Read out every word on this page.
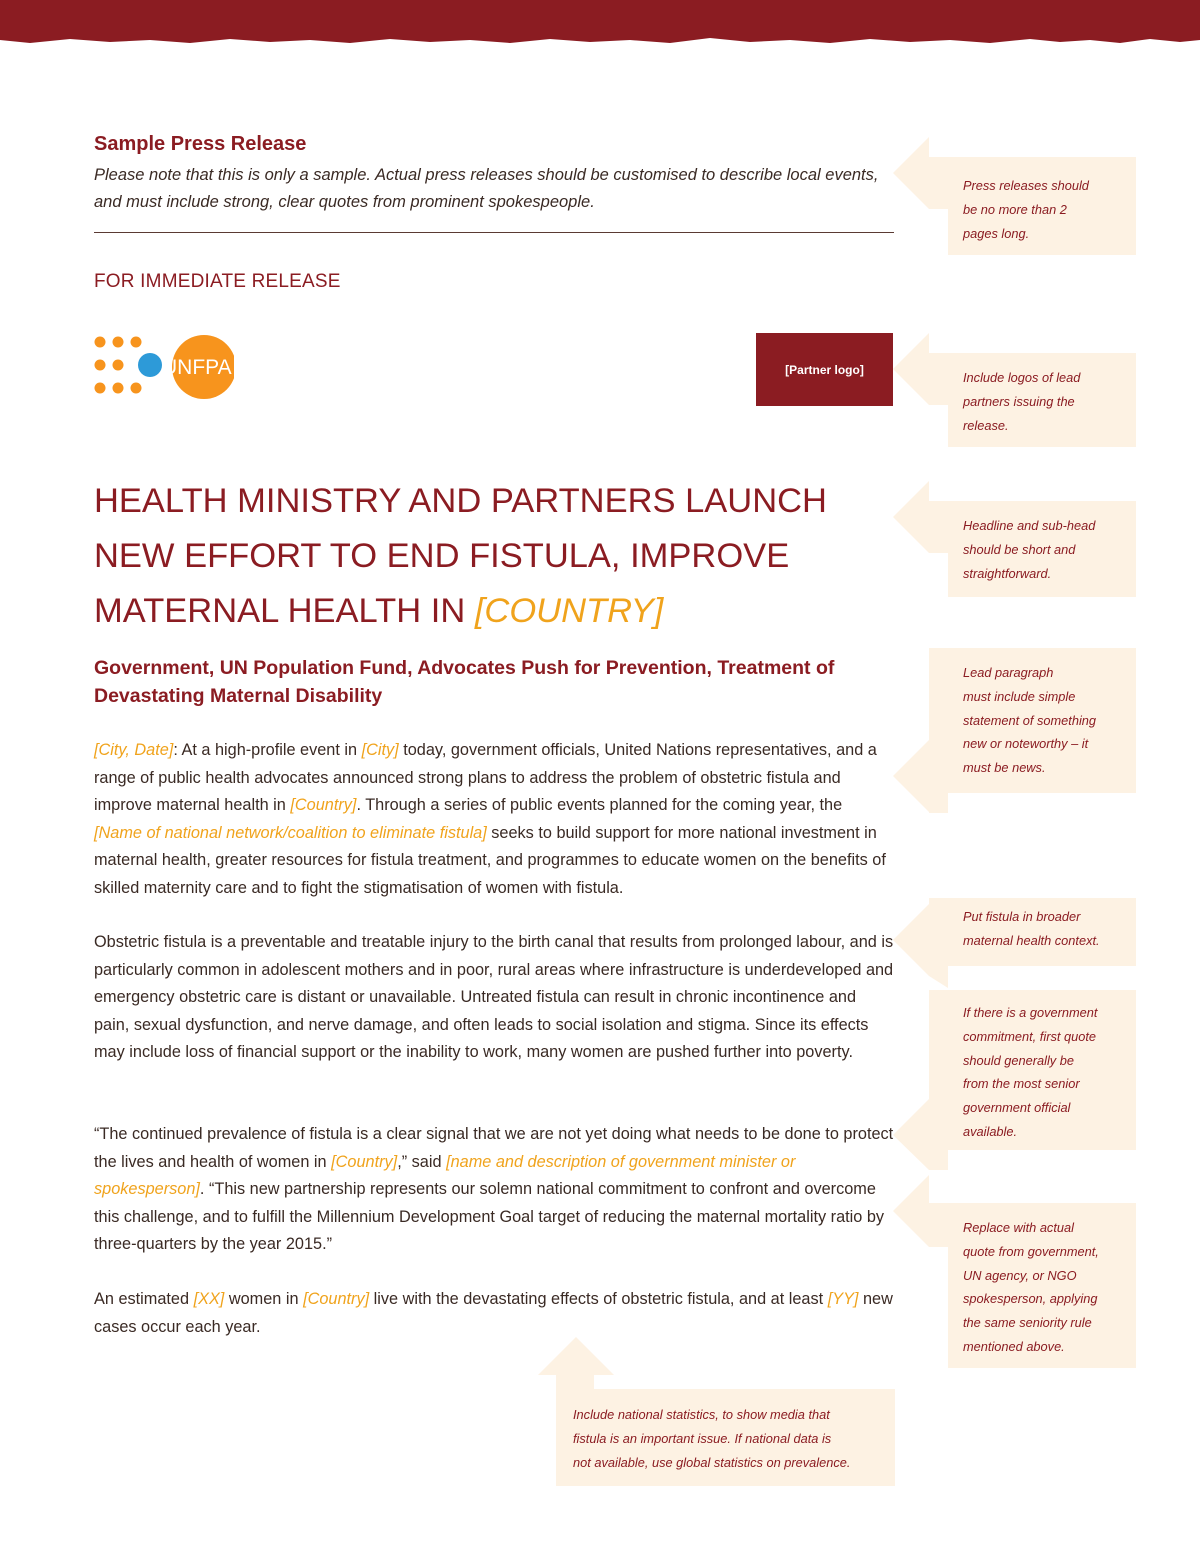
Sample Press Release
Please note that this is only a sample. Actual press releases should be customised to describe local events, and must include strong, clear quotes from prominent spokespeople.
FOR IMMEDIATE RELEASE
UNFPA	[Partner logo]
HEALTH MINISTRY AND PARTNERS LAUNCH NEW EFFORT TO END FISTULA, IMPROVE MATERNAL HEALTH IN [COUNTRY]
Government, UN Population Fund, Advocates Push for Prevention, Treatment of Devastating Maternal Disability
[City, Date]: At a high-profile event in [City] today, government officials, United Nations representatives, and a range of public health advocates announced strong plans to address the problem of obstetric fistula and improve maternal health in [Country]. Through a series of public events planned for the coming year, the [Name of national network/coalition to eliminate fistula] seeks to build support for more national investment in maternal health, greater resources for fistula treatment, and programmes to educate women on the benefits of skilled maternity care and to fight the stigmatisation of women with fistula.
Obstetric fistula is a preventable and treatable injury to the birth canal that results from prolonged labour, and is particularly common in adolescent mothers and in poor, rural areas where infrastructure is underdeveloped and emergency obstetric care is distant or unavailable. Untreated fistula can result in chronic incontinence and pain, sexual dysfunction, and nerve damage, and often leads to social isolation and stigma. Since its effects may include loss of financial support or the inability to work, many women are pushed further into poverty.
“The continued prevalence of fistula is a clear signal that we are not yet doing what needs to be done to protect the lives and health of women in [Country],” said [name and description of government minister or spokesperson]. “This new partnership represents our solemn national commitment to confront and overcome this challenge, and to fulfill the Millennium Development Goal target of reducing the maternal mortality ratio by three-quarters by the year 2015.”
An estimated [XX] women in [Country] live with the devastating effects of obstetric fistula, and at least [YY] new cases occur each year.
Press releases should
be no more than 2
pages long.
Include logos of lead
partners issuing the
release.
Headline and sub-head
should be short and
straightforward.
Lead paragraph
must include simple
statement of something
new or noteworthy – it
must be news.
Put fistula in broader
maternal health context.
If there is a government
commitment, first quote
should generally be
from the most senior
government official
available.
Replace with actual
quote from government,
UN agency, or NGO
spokesperson, applying
the same seniority rule
mentioned above.
Include national statistics, to show media that
fistula is an important issue. If national data is
not available, use global statistics on prevalence.
